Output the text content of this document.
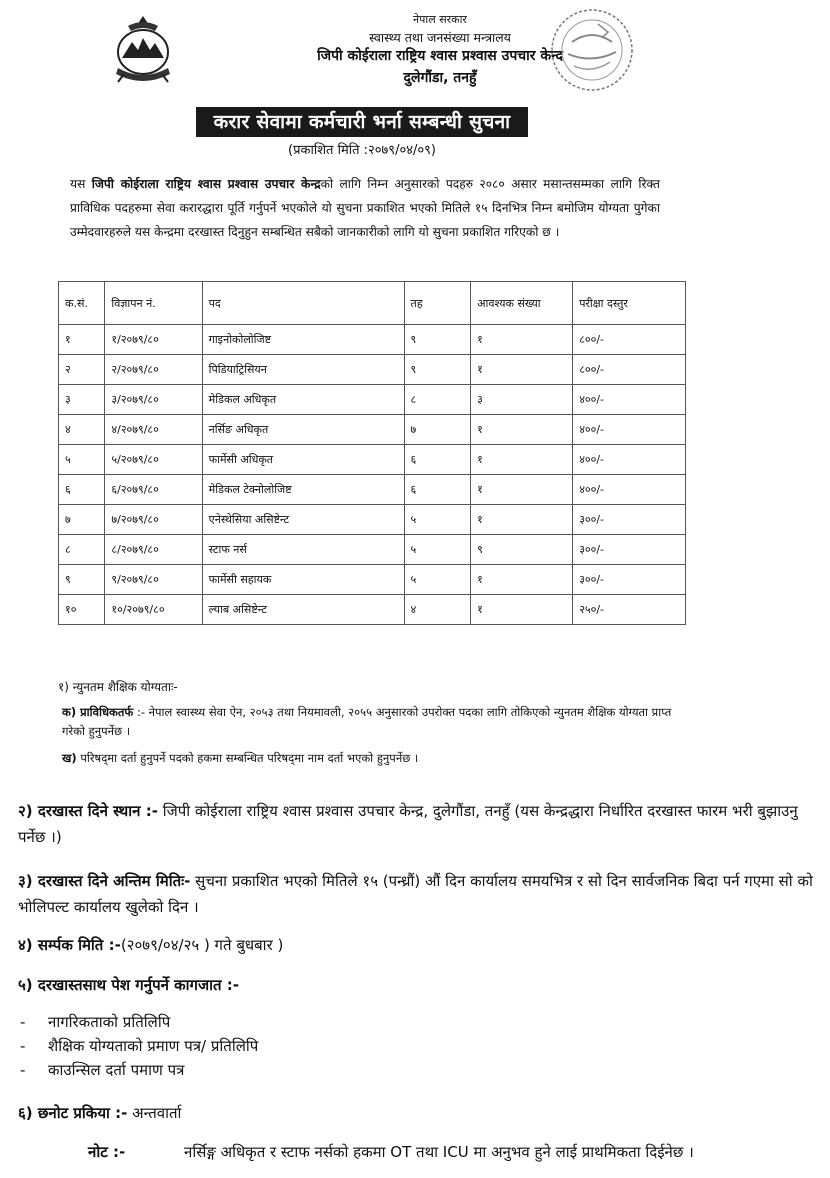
नेपाल सरकार
स्वास्थ्य तथा जनसंख्या मन्त्रालय
जिपी कोईराला राष्ट्रिय श्वास प्रश्वास उपचार केन्द
दुलेगौंडा, तनहुँ
करार सेवामा कर्मचारी भर्ना सम्बन्धी सुचना
(प्रकाशित मिति :२०७९/०४/०९)
यस जिपी कोईराला राष्ट्रिय श्वास प्रश्वास उपचार केन्द्रको लागि निम्न अनुसारको पदहरु २०८० असार मसान्तसम्मका लागि रिक्त प्राविधिक पदहरुमा सेवा करारद्धारा पूर्ति गर्नुपर्ने भएकोले यो सुचना प्रकाशित भएको मितिले १५ दिनभित्र निम्न बमोजिम योग्यता पुगेका उम्मेदवारहरुले यस केन्द्रमा दरखास्त दिनुहुन सम्बन्धित सबैको जानकारीको लागि यो सुचना प्रकाशित गरिएको छ ।
क.सं.	विज्ञापन नं.	पद	तह	आवश्यक संख्या	परीक्षा दस्तुर
१	१/२०७९/८०	गाइनोकोलोजिष्ट	९	१	८००/-
२	२/२०७९/८०	पिडियाट्रिसियन	९	१	८००/-
३	३/२०७९/८०	मेडिकल अधिकृत	८	३	४००/-
४	४/२०७९/८०	नर्सिङ अधिकृत	७	१	४००/-
५	५/२०७९/८०	फार्मेसी अधिकृत	६	१	४००/-
६	६/२०७९/८०	मेडिकल टेक्नोलोजिष्ट	६	१	४००/-
७	७/२०७९/८०	एनेस्थेसिया असिष्टेन्ट	५	१	३००/-
८	८/२०७९/८०	स्टाफ नर्स	५	९	३००/-
९	९/२०७९/८०	फार्मेसी सहायक	५	१	३००/-
१०	१०/२०७९/८०	ल्याब असिष्टेन्ट	४	१	२५०/-
१) न्युनतम शैक्षिक योग्यताः-
क) प्राविधिकतर्फ :- नेपाल स्वास्थ्य सेवा ऐन, २०५३ तथा नियमावली, २०५५ अनुसारको उपरोक्त पदका लागि तोकिएको न्युनतम शैक्षिक योग्यता प्राप्त गरेको हुनुपर्नेछ ।
ख) परिषद्‌मा दर्ता हुनुपर्ने पदको हकमा सम्बन्धित परिषद्‌मा नाम दर्ता भएको हुनुपर्नेछ ।
२) दरखास्त दिने स्थान :- जिपी कोईराला राष्ट्रिय श्वास प्रश्वास उपचार केन्द्र, दुलेगौंडा, तनहुँ (यस केन्द्रद्धारा निर्धारित दरखास्त फारम भरी बुझाउनु पर्नेछ ।)
३) दरखास्त दिने अन्तिम मितिः- सुचना प्रकाशित भएको मितिले १५ (पन्ध्रौं) औं दिन कार्यालय समयभित्र र सो दिन सार्वजनिक बिदा पर्न गएमा सो को भोलिपल्ट कार्यालय खुलेको दिन ।
४) सर्म्पक मिति :-(२०७९/०४/२५ ) गते बुधबार )
५) दरखास्तसाथ पेश गर्नुपर्ने कागजात :-
- नागरिकताको प्रतिलिपि
- शैक्षिक योग्यताको प्रमाण पत्र/ प्रतिलिपि
- काउन्सिल दर्ता पमाण पत्र
६) छनोट प्रकिया :- अन्तवार्ता
नोट :-	नर्सिङ्ग अधिकृत र स्टाफ नर्सको हकमा OT तथा ICU मा अनुभव हुने लाई प्राथमिकता दिईनेछ ।
